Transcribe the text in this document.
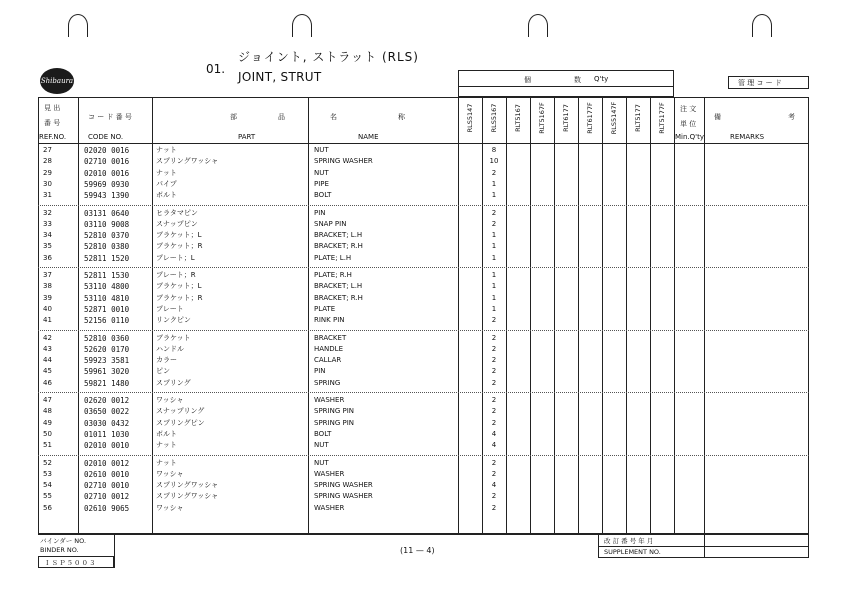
Shibaura
01.
ジョイント, ストラット (RLS)
JOINT, STRUT	個	数 Q'ty	管 理 コ ー ド
見 出
番 号
REF.NO.
コ ー ド 番 号
CODE NO.
部	品
PART
名	称
NAME
RLS5147 RLS5167 RLT5167 RLT5167F RLT6177 RLT6177F RLS5147F RLT5177 RLT5177F 注 文
単 位
Min.Q'ty
備	考
REMARKS
27	02020 0016	ナット	NUT	8
28	02710 0016	スプリングワッシャ	SPRING WASHER	10
29	02010 0016	ナット	NUT	2
30	59969 0930	パイプ	PIPE	1
31	59943 1390	ボルト	BOLT	1
32	03131 0640	ヒラタマピン	PIN	2
33	03110 9008	スナップピン	SNAP PIN	2
34	52810 0370	ブラケット；L	BRACKET; L.H	1
35	52810 0380	ブラケット；R	BRACKET; R.H	1
36	52811 1520	プレート；L	PLATE; L.H	1
37	52811 1530	プレート；R	PLATE; R.H	1
38	53110 4800	ブラケット；L	BRACKET; L.H	1
39	53110 4810	ブラケット；R	BRACKET; R.H	1
40	52871 0010	プレート	PLATE	1
41	52156 0110	リンクピン	RINK PIN	2
42	52810 0360	ブラケット	BRACKET	2
43	52620 0170	ハンドル	HANDLE	2
44	59923 3581	カラー	CALLAR	2
45	59961 3020	ピン	PIN	2
46	59821 1480	スプリング	SPRING	2
47	02620 0012	ワッシャ	WASHER	2
48	03650 0022	スナップリング	SPRING PIN	2
49	03030 0432	スプリングピン	SPRING PIN	2
50	01011 1030	ボルト	BOLT	4
51	02010 0010	ナット	NUT	4
52	02010 0012	ナット	NUT	2
53	02610 0010	ワッシャ	WASHER	2
54	02710 0010	スプリングワッシャ	SPRING WASHER	4
55	02710 0012	スプリングワッシャ	SPRING WASHER	2
56	02610 9065	ワッシャ	WASHER	2
バインダー NO.
BINDER NO.
ＩＳＰ５００３
(11 — 4)
改 訂 番 号 年 月
SUPPLEMENT NO.
